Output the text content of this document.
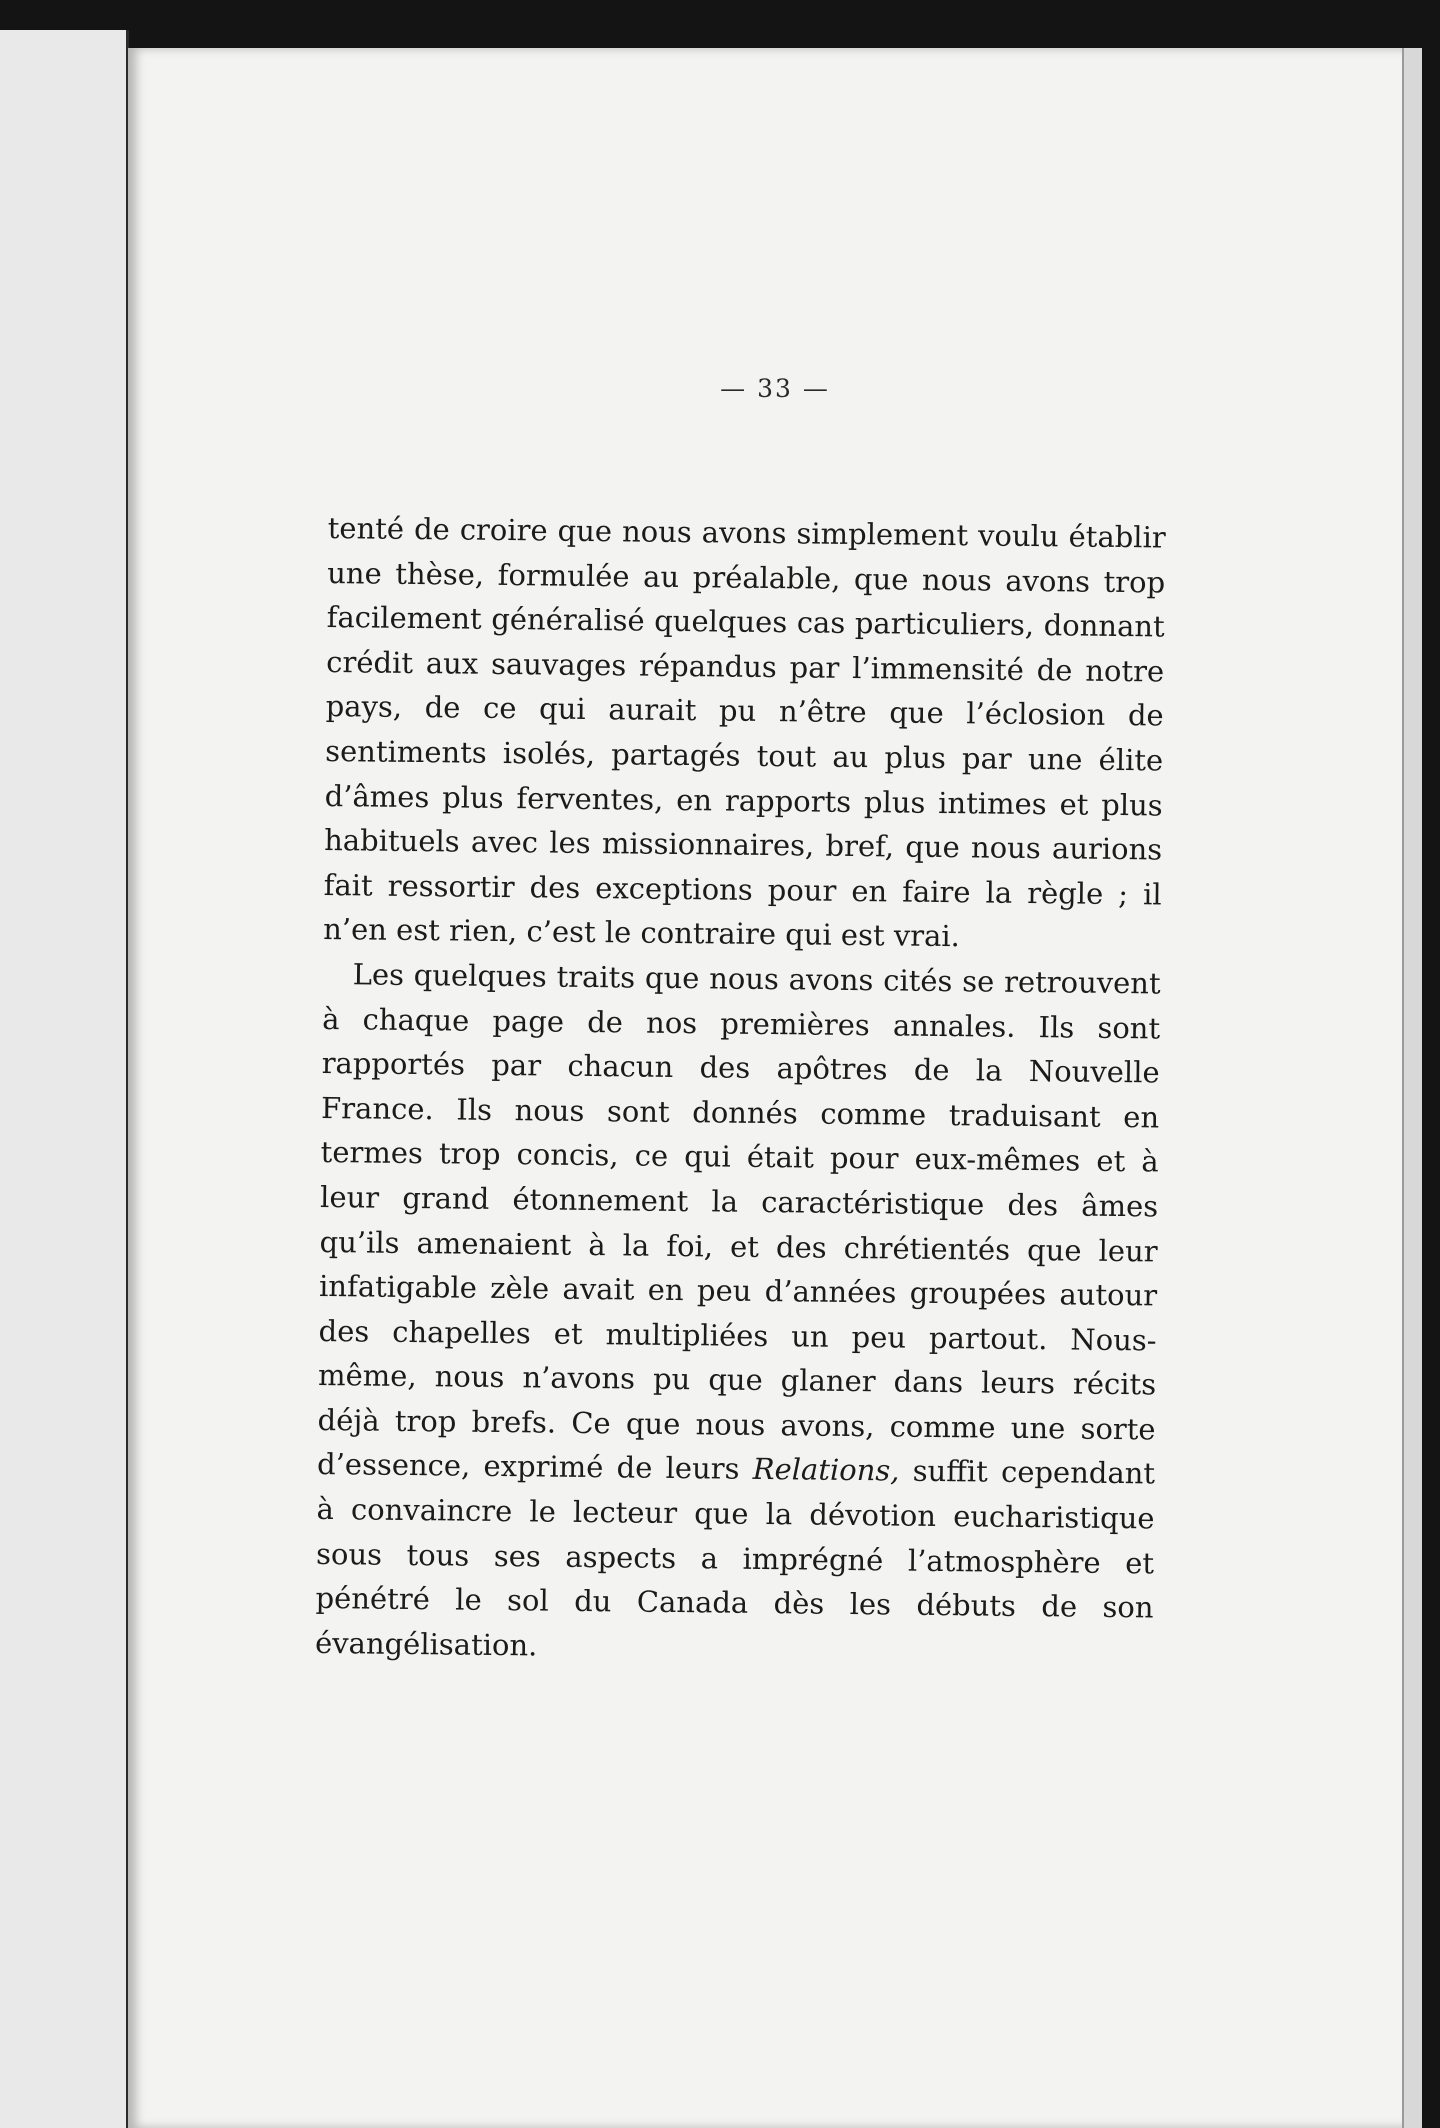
— 33 —

tenté de croire que nous avons simplement voulu établir une thèse, formulée au préalable, que nous avons trop facilement généralisé quelques cas particuliers, donnant crédit aux sauvages répandus par l’immensité de notre pays, de ce qui aurait pu n’être que l’éclosion de sentiments isolés, partagés tout au plus par une élite d’âmes plus ferventes, en rapports plus intimes et plus habituels avec les missionnaires, bref, que nous aurions fait ressortir des exceptions pour en faire la règle ; il n’en est rien, c’est le contraire qui est vrai.

Les quelques traits que nous avons cités se retrouvent à chaque page de nos premières annales. Ils sont rapportés par chacun des apôtres de la Nouvelle France. Ils nous sont donnés comme traduisant en termes trop concis, ce qui était pour eux-mêmes et à leur grand étonnement la caractéristique des âmes qu’ils amenaient à la foi, et des chrétientés que leur infatigable zèle avait en peu d’années groupées autour des chapelles et multipliées un peu partout. Nous-même, nous n’avons pu que glaner dans leurs récits déjà trop brefs. Ce que nous avons, comme une sorte d’essence, exprimé de leurs Relations, suffit cependant à convaincre le lecteur que la dévotion eucharistique sous tous ses aspects a imprégné l’atmosphère et pénétré le sol du Canada dès les débuts de son évangélisation.
